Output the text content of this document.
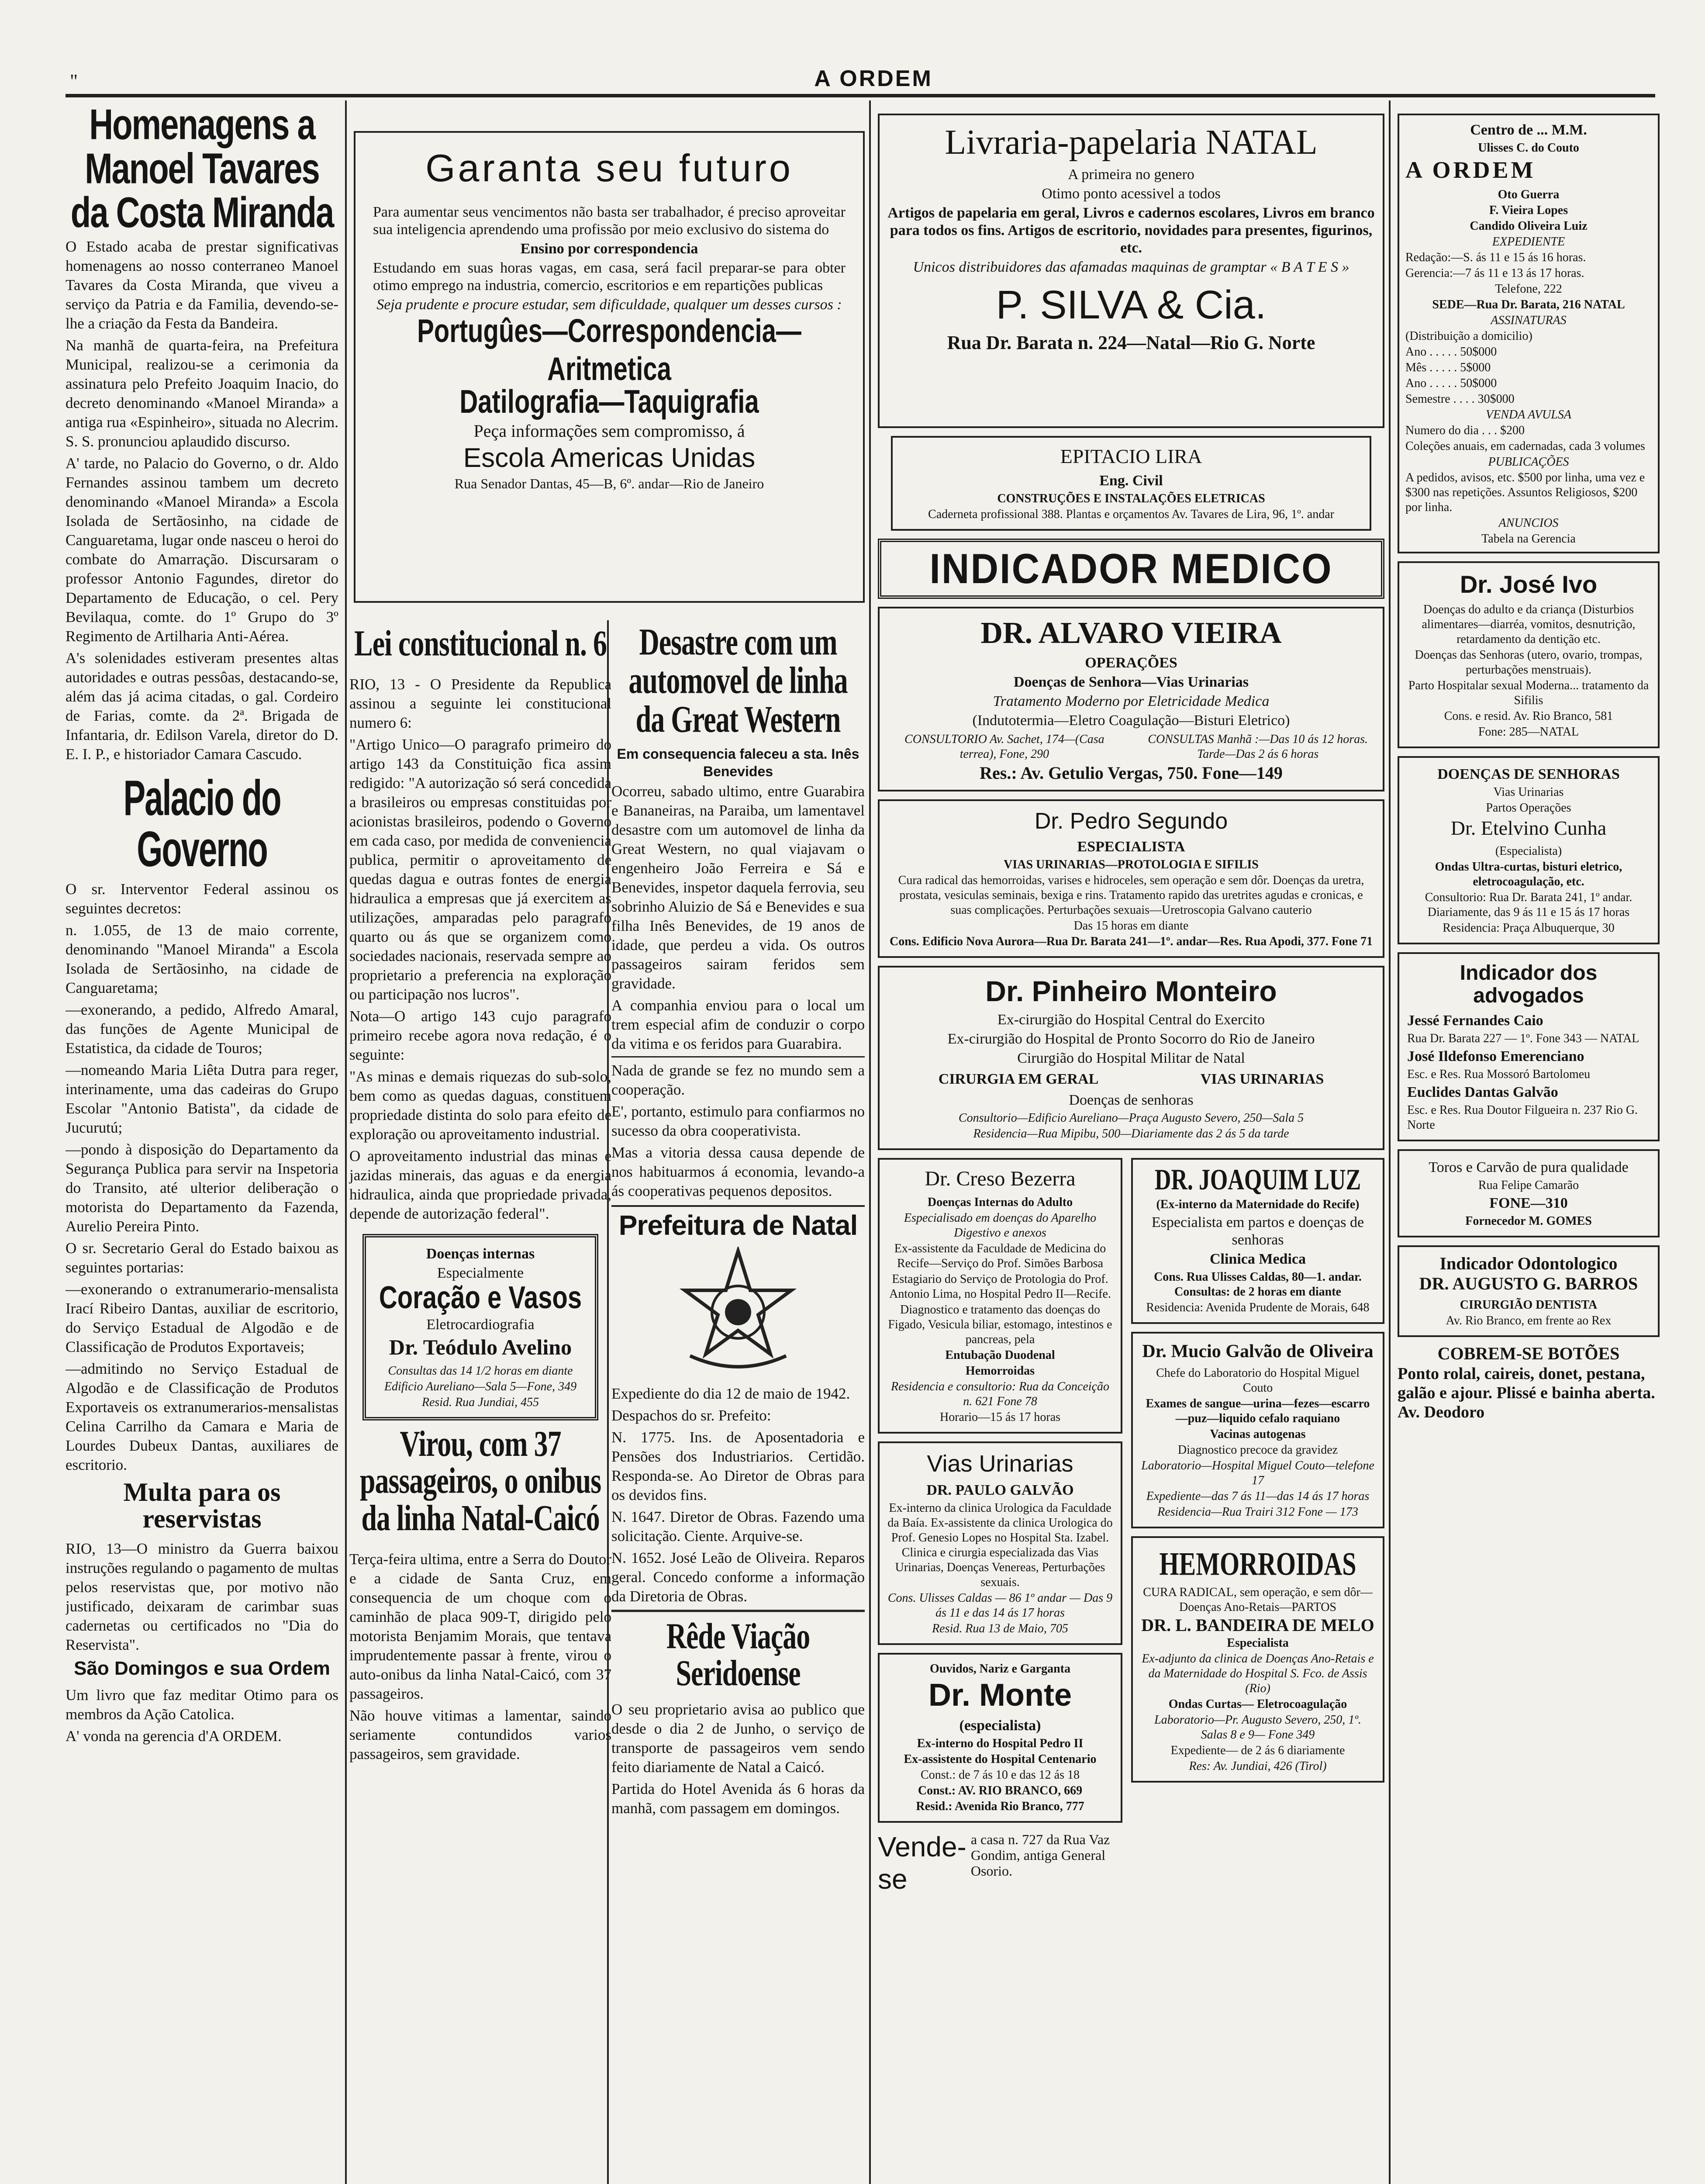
"	A ORDEM
Homenagens a Manoel Tavares da Costa Miranda

O Estado acaba de prestar significativas homenagens ao nosso conterraneo Manoel Tavares da Costa Miranda, que viveu a serviço da Patria e da Familia, devendo-se-lhe a criação da Festa da Bandeira.

Na manhã de quarta-feira, na Prefeitura Municipal, realizou-se a cerimonia da assinatura pelo Prefeito Joaquim Inacio, do decreto denominando «Manoel Miranda» a antiga rua «Espinheiro», situada no Alecrim. S. S. pronunciou aplaudido discurso.

A' tarde, no Palacio do Governo, o dr. Aldo Fernandes assinou tambem um decreto denominando «Manoel Miranda» a Escola Isolada de Sertãosinho, na cidade de Canguaretama, lugar onde nasceu o heroi do combate do Amarração. Discursaram o professor Antonio Fagundes, diretor do Departamento de Educação, o cel. Pery Bevilaqua, comte. do 1º Grupo do 3º Regimento de Artilharia Anti-Aérea.

A's solenidades estiveram presentes altas autoridades e outras pessôas, destacando-se, além das já acima citadas, o gal. Cordeiro de Farias, comte. da 2ª. Brigada de Infantaria, dr. Edilson Varela, diretor do D. E. I. P., e historiador Camara Cascudo.

Palacio do Governo

O sr. Interventor Federal assinou os seguintes decretos:

n. 1.055, de 13 de maio corrente, denominando "Manoel Miranda" a Escola Isolada de Sertãosinho, na cidade de Canguaretama;

—exonerando, a pedido, Alfredo Amaral, das funções de Agente Municipal de Estatistica, da cidade de Touros;

—nomeando Maria Liêta Dutra para reger, interinamente, uma das cadeiras do Grupo Escolar "Antonio Batista", da cidade de Jucurutú;

—pondo à disposição do Departamento da Segurança Publica para servir na Inspetoria do Transito, até ulterior deliberação o motorista do Departamento da Fazenda, Aurelio Pereira Pinto.

O sr. Secretario Geral do Estado baixou as seguintes portarias:

—exonerando o extranumerario-mensalista Irací Ribeiro Dantas, auxiliar de escritorio, do Serviço Estadual de Algodão e de Classificação de Produtos Exportaveis;

—admitindo no Serviço Estadual de Algodão e de Classificação de Produtos Exportaveis os extranumerarios-mensalistas Celina Carrilho da Camara e Maria de Lourdes Dubeux Dantas, auxiliares de escritorio.

Multa para os reservistas

RIO, 13—O ministro da Guerra baixou instruções regulando o pagamento de multas pelos reservistas que, por motivo não justificado, deixaram de carimbar suas cadernetas ou certificados no "Dia do Reservista".

São Domingos e sua Ordem

Um livro que faz meditar Otimo para os membros da Ação Catolica.

A' vonda na gerencia d'A ORDEM.

Garanta seu futuro

Para aumentar seus vencimentos não basta ser trabalhador, é preciso aproveitar sua inteligencia aprendendo uma profissão por meio exclusivo do sistema do

Ensino por correspondencia

Estudando em suas horas vagas, em casa, será facil preparar-se para obter otimo emprego na industria, comercio, escritorios e em repartições publicas

Seja prudente e procure estudar, sem dificuldade, qualquer um desses cursos :

Portugûes—Correspondencia—Aritmetica
Datilografia—Taquigrafia

Peça informações sem compromisso, á

Escola Americas Unidas

Rua Senador Dantas, 45—B, 6º. andar—Rio de Janeiro

Lei constitucional n. 6

RIO, 13 - O Presidente da Republica assinou a seguinte lei constitucional numero 6:

"Artigo Unico—O paragrafo primeiro do artigo 143 da Constituição fica assim redigido: "A autorização só será concedida a brasileiros ou empresas constituidas por acionistas brasileiros, podendo o Governo em cada caso, por medida de conveniencia publica, permitir o aproveitamento de quedas dagua e outras fontes de energia hidraulica a empresas que já exercitem as utilizações, amparadas pelo paragrafo quarto ou ás que se organizem como sociedades nacionais, reservada sempre ao proprietario a preferencia na exploração ou participação nos lucros".

Nota—O artigo 143 cujo paragrafo primeiro recebe agora nova redação, é o seguinte:

"As minas e demais riquezas do sub-solo, bem como as quedas daguas, constituem propriedade distinta do solo para efeito de exploração ou aproveitamento industrial.

O aproveitamento industrial das minas e jazidas minerais, das aguas e da energia hidraulica, ainda que propriedade privada, depende de autorização federal".

Doenças internas
Especialmente
Coração e Vasos
Eletrocardiografia
Dr. Teódulo Avelino
Consultas das 14 1/2 horas em diante
Edificio Aureliano—Sala 5—Fone, 349
Resid. Rua Jundiai, 455
Virou, com 37 passageiros, o onibus da linha Natal-Caicó

Terça-feira ultima, entre a Serra do Doutor e a cidade de Santa Cruz, em consequencia de um choque com o caminhão de placa 909-T, dirigido pelo motorista Benjamim Morais, que tentava imprudentemente passar à frente, virou o auto-onibus da linha Natal-Caicó, com 37 passageiros.

Não houve vitimas a lamentar, saindo seriamente contundidos varios passageiros, sem gravidade.

Desastre com um automovel de linha da Great Western
Em consequencia faleceu a sta. Inês Benevides

Ocorreu, sabado ultimo, entre Guarabira e Bananeiras, na Paraiba, um lamentavel desastre com um automovel de linha da Great Western, no qual viajavam o engenheiro João Ferreira e Sá e Benevides, inspetor daquela ferrovia, seu sobrinho Aluizio de Sá e Benevides e sua filha Inês Benevides, de 19 anos de idade, que perdeu a vida. Os outros passageiros sairam feridos sem gravidade.

A companhia enviou para o local um trem especial afim de conduzir o corpo da vitima e os feridos para Guarabira.

Nada de grande se fez no mundo sem a cooperação.

E', portanto, estimulo para confiarmos no sucesso da obra cooperativista.

Mas a vitoria dessa causa depende de nos habituarmos á economia, levando-a ás cooperativas pequenos depositos.

Prefeitura de Natal

Expediente do dia 12 de maio de 1942.

Despachos do sr. Prefeito:

N. 1775. Ins. de Aposentadoria e Pensões dos Industriarios. Certidão. Responda-se. Ao Diretor de Obras para os devidos fins.

N. 1647. Diretor de Obras. Fazendo uma solicitação. Ciente. Arquive-se.

N. 1652. José Leão de Oliveira. Reparos geral. Concedo conforme a informação da Diretoria de Obras.

Rêde Viação Seridoense

O seu proprietario avisa ao publico que desde o dia 2 de Junho, o serviço de transporte de passageiros vem sendo feito diariamente de Natal a Caicó.

Partida do Hotel Avenida ás 6 horas da manhã, com passagem em domingos.

Livraria-papelaria NATAL
A primeira no genero
Otimo ponto acessivel a todos
Artigos de papelaria em geral, Livros e cadernos escolares, Livros em branco para todos os fins. Artigos de escritorio, novidades para presentes, figurinos, etc.
Unicos distribuidores das afamadas maquinas de gramptar « B A T E S »
P. SILVA & Cia.
Rua Dr. Barata n. 224—Natal—Rio G. Norte
EPITACIO LIRA
Eng. Civil
CONSTRUÇÕES E INSTALAÇÕES ELETRICAS
Caderneta profissional 388. Plantas e orçamentos Av. Tavares de Lira, 96, 1º. andar
INDICADOR MEDICO
DR. ALVARO VIEIRA
OPERAÇÕES
Doenças de Senhora—Vias Urinarias
Tratamento Moderno por Eletricidade Medica
(Indutotermia—Eletro Coagulação—Bisturi Eletrico)
CONSULTORIO Av. Sachet, 174—(Casa terrea), Fone, 290
CONSULTAS Manhã :—Das 10 ás 12 horas. Tarde—Das 2 ás 6 horas
Res.: Av. Getulio Vergas, 750. Fone—149
Dr. Pedro Segundo
ESPECIALISTA
VIAS URINARIAS—PROTOLOGIA E SIFILIS
Cura radical das hemorroidas, varises e hidroceles, sem operação e sem dôr. Doenças da uretra, prostata, vesiculas seminais, bexiga e rins. Tratamento rapido das uretrites agudas e cronicas, e suas complicações. Perturbações sexuais—Uretroscopia Galvano cauterio
Das 15 horas em diante
Cons. Edificio Nova Aurora—Rua Dr. Barata 241—1º. andar—Res. Rua Apodi, 377. Fone 71
Dr. Pinheiro Monteiro
Ex-cirurgião do Hospital Central do Exercito
Ex-cirurgião do Hospital de Pronto Socorro do Rio de Janeiro
Cirurgião do Hospital Militar de Natal
CIRURGIA EM GERAL	VIAS URINARIAS
Doenças de senhoras
Consultorio—Edificio Aureliano—Praça Augusto Severo, 250—Sala 5
Residencia—Rua Mipibu, 500—Diariamente das 2 ás 5 da tarde
Dr. Creso Bezerra
Doenças Internas do Adulto
Especialisado em doenças do Aparelho Digestivo e anexos
Ex-assistente da Faculdade de Medicina do Recife—Serviço do Prof. Simões Barbosa
Estagiario do Serviço de Protologia do Prof. Antonio Lima, no Hospital Pedro II—Recife.
Diagnostico e tratamento das doenças do Figado, Vesicula biliar, estomago, intestinos e pancreas, pela
Entubação Duodenal
Hemorroidas
Residencia e consultorio: Rua da Conceição n. 621 Fone 78
Horario—15 ás 17 horas
Vias Urinarias
DR. PAULO GALVÃO
Ex-interno da clinica Urologica da Faculdade da Baía. Ex-assistente da clinica Urologica do Prof. Genesio Lopes no Hospital Sta. Izabel. Clinica e cirurgia especializada das Vias Urinarias, Doenças Venereas, Perturbações sexuais.
Cons. Ulisses Caldas — 86 1º andar — Das 9 ás 11 e das 14 ás 17 horas
Resid. Rua 13 de Maio, 705
Ouvidos, Nariz e Garganta
Dr. Monte
(especialista)
Ex-interno do Hospital Pedro II
Ex-assistente do Hospital Centenario
Const.: de 7 ás 10 e das 12 ás 18
Const.: AV. RIO BRANCO, 669
Resid.: Avenida Rio Branco, 777
Vende-se
a casa n. 727 da Rua Vaz Gondim, antiga General Osorio.
DR. JOAQUIM LUZ
(Ex-interno da Maternidade do Recife)
Especialista em partos e doenças de senhoras
Clinica Medica
Cons. Rua Ulisses Caldas, 80—1. andar. Consultas: de 2 horas em diante
Residencia: Avenida Prudente de Morais, 648
Dr. Mucio Galvão de Oliveira
Chefe do Laboratorio do Hospital Miguel Couto
Exames de sangue—urina—fezes—escarro—puz—liquido cefalo raquiano
Vacinas autogenas
Diagnostico precoce da gravidez
Laboratorio—Hospital Miguel Couto—telefone 17
Expediente—das 7 ás 11—das 14 ás 17 horas
Residencia—Rua Trairi 312 Fone — 173
HEMORROIDAS
CURA RADICAL, sem operação, e sem dôr— Doenças Ano-Retais—PARTOS
DR. L. BANDEIRA DE MELO
Especialista
Ex-adjunto da clinica de Doenças Ano-Retais e da Maternidade do Hospital S. Fco. de Assis (Rio)
Ondas Curtas— Eletrocoagulação
Laboratorio—Pr. Augusto Severo, 250, 1º. Salas 8 e 9— Fone 349
Expediente— de 2 ás 6 diariamente
Res: Av. Jundiai, 426 (Tirol)
Centro de ... M.M.
Ulisses C. do Couto
A ORDEM
Oto Guerra
F. Vieira Lopes
Candido Oliveira Luiz
EXPEDIENTE
Redação:—S. ás 11 e 15 ás 16 horas.
Gerencia:—7 ás 11 e 13 ás 17 horas.
Telefone, 222
SEDE—Rua Dr. Barata, 216 NATAL
ASSINATURAS
(Distribuição a domicilio)
Ano . . . . . 50$000
Mês . . . . . 5$000
Ano . . . . . 50$000
Semestre . . . . 30$000
VENDA AVULSA
Numero do dia . . . $200
Coleções anuais, em cadernadas, cada 3 volumes
PUBLICAÇÕES
A pedidos, avisos, etc. $500 por linha, uma vez e $300 nas repetições. Assuntos Religiosos, $200 por linha.
ANUNCIOS
Tabela na Gerencia
Dr. José Ivo
Doenças do adulto e da criança (Disturbios alimentares—diarréa, vomitos, desnutrição, retardamento da dentição etc.
Doenças das Senhoras (utero, ovario, trompas, perturbações menstruais).
Parto Hospitalar sexual Moderna... tratamento da Sifilis
Cons. e resid. Av. Rio Branco, 581
Fone: 285—NATAL
DOENÇAS DE SENHORAS
Vias Urinarias
Partos Operações
Dr. Etelvino Cunha
(Especialista)
Ondas Ultra-curtas, bisturi eletrico, eletrocoagulação, etc.
Consultorio: Rua Dr. Barata 241, 1º andar. Diariamente, das 9 ás 11 e 15 ás 17 horas
Residencia: Praça Albuquerque, 30
Indicador dos advogados
Jessé Fernandes Caio
Rua Dr. Barata 227 — 1º. Fone 343 — NATAL
José Ildefonso Emerenciano
Esc. e Res. Rua Mossoró Bartolomeu
Euclides Dantas Galvão
Esc. e Res. Rua Doutor Filgueira n. 237 Rio G. Norte
Toros e Carvão de pura qualidade
Rua Felipe Camarão
FONE—310
Fornecedor M. GOMES
Indicador Odontologico
DR. AUGUSTO G. BARROS
CIRURGIÃO DENTISTA
Av. Rio Branco, em frente ao Rex
COBREM-SE BOTÕES
Ponto rolal, caireis, donet, pestana, galão e ajour. Plissé e bainha aberta. Av. Deodoro
